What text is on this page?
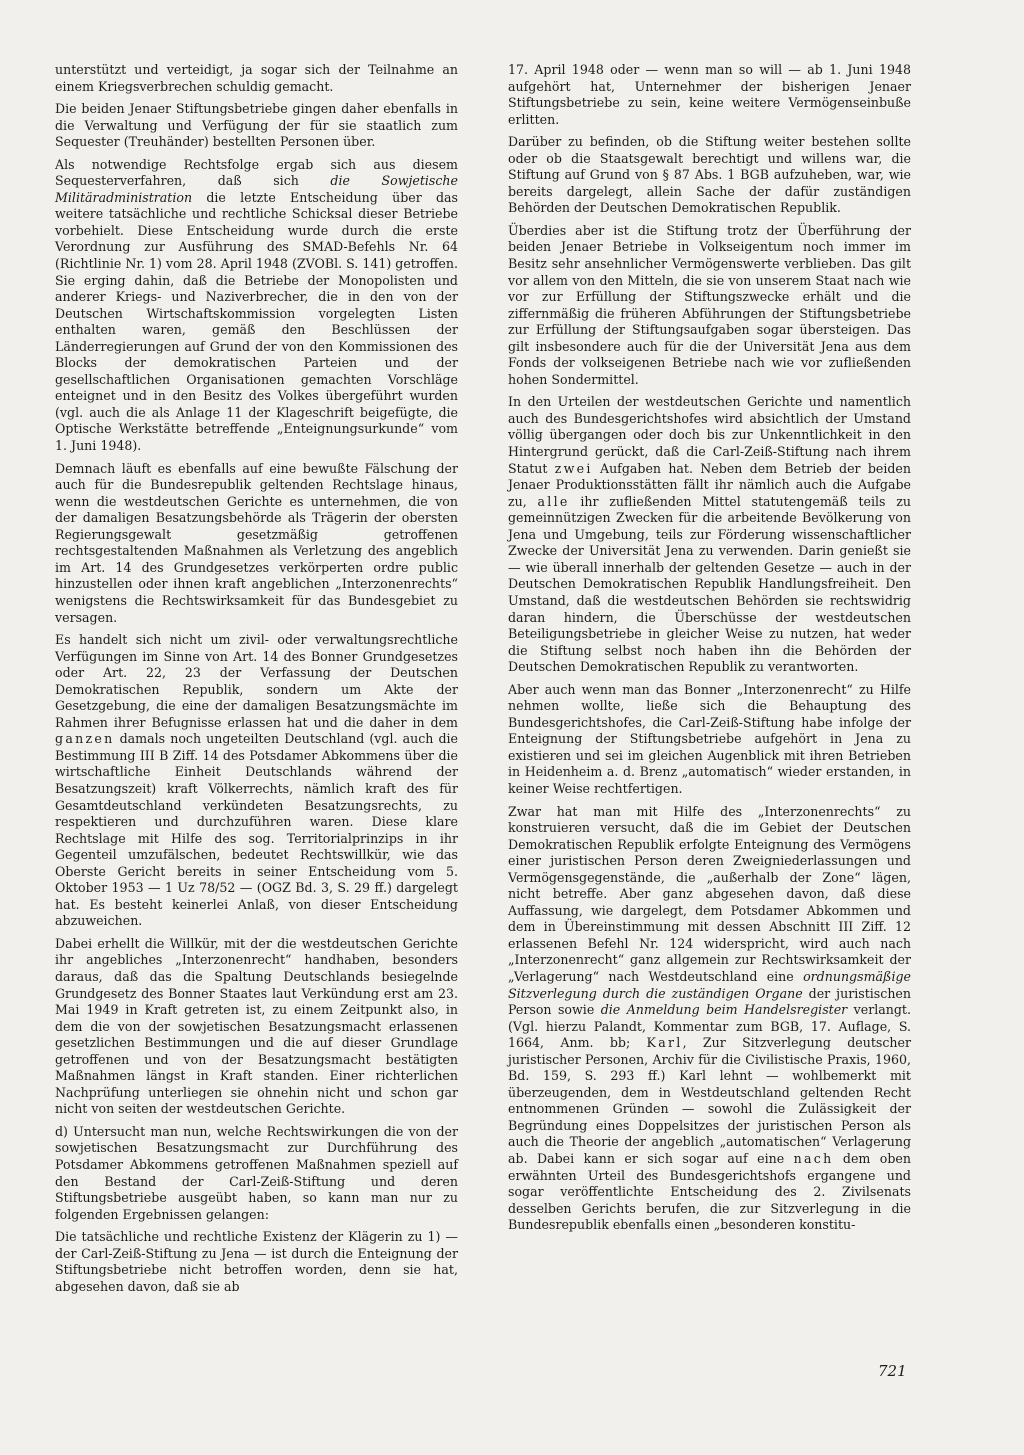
unterstützt und verteidigt, ja sogar sich der Teilnahme an einem Kriegsverbrechen schuldig gemacht.

Die beiden Jenaer Stiftungsbetriebe gingen daher ebenfalls in die Verwaltung und Verfügung der für sie staatlich zum Sequester (Treuhänder) bestellten Personen über.

Als notwendige Rechtsfolge ergab sich aus diesem Sequesterverfahren, daß sich die Sowjetische Militäradministration die letzte Entscheidung über das weitere tatsächliche und rechtliche Schicksal dieser Betriebe vorbehielt. Diese Entscheidung wurde durch die erste Verordnung zur Ausführung des SMAD-Befehls Nr. 64 (Richtlinie Nr. 1) vom 28. April 1948 (ZVOBl. S. 141) getroffen. Sie erging dahin, daß die Betriebe der Monopolisten und anderer Kriegs- und Naziverbrecher, die in den von der Deutschen Wirtschaftskommission vorgelegten Listen enthalten waren, gemäß den Beschlüssen der Länderregierungen auf Grund der von den Kommissionen des Blocks der demokratischen Parteien und der gesellschaftlichen Organisationen gemachten Vorschläge enteignet und in den Besitz des Volkes übergeführt wurden (vgl. auch die als Anlage 11 der Klageschrift beigefügte, die Optische Werkstätte betreffende „Enteignungsurkunde“ vom 1. Juni 1948).

Demnach läuft es ebenfalls auf eine bewußte Fälschung der auch für die Bundesrepublik geltenden Rechtslage hinaus, wenn die westdeutschen Gerichte es unternehmen, die von der damaligen Besatzungsbehörde als Trägerin der obersten Regierungsgewalt gesetzmäßig getroffenen rechtsgestaltenden Maßnahmen als Verletzung des angeblich im Art. 14 des Grundgesetzes verkörperten ordre public hinzustellen oder ihnen kraft angeblichen „Interzonenrechts“ wenigstens die Rechtswirksamkeit für das Bundesgebiet zu versagen.

Es handelt sich nicht um zivil- oder verwaltungsrechtliche Verfügungen im Sinne von Art. 14 des Bonner Grundgesetzes oder Art. 22, 23 der Verfassung der Deutschen Demokratischen Republik, sondern um Akte der Gesetzgebung, die eine der damaligen Besatzungsmächte im Rahmen ihrer Befugnisse erlassen hat und die daher in dem ganzen damals noch ungeteilten Deutschland (vgl. auch die Bestimmung III B Ziff. 14 des Potsdamer Abkommens über die wirtschaftliche Einheit Deutschlands während der Besatzungszeit) kraft Völkerrechts, nämlich kraft des für Gesamtdeutschland verkündeten Besatzungsrechts, zu respektieren und durchzuführen waren. Diese klare Rechtslage mit Hilfe des sog. Territorialprinzips in ihr Gegenteil umzufälschen, bedeutet Rechtswillkür, wie das Oberste Gericht bereits in seiner Entscheidung vom 5. Oktober 1953 — 1 Uz 78/52 — (OGZ Bd. 3, S. 29 ff.) dargelegt hat. Es besteht keinerlei Anlaß, von dieser Entscheidung abzuweichen.

Dabei erhellt die Willkür, mit der die westdeutschen Gerichte ihr angebliches „Interzonenrecht“ handhaben, besonders daraus, daß das die Spaltung Deutschlands besiegelnde Grundgesetz des Bonner Staates laut Verkündung erst am 23. Mai 1949 in Kraft getreten ist, zu einem Zeitpunkt also, in dem die von der sowjetischen Besatzungsmacht erlassenen gesetzlichen Bestimmungen und die auf dieser Grundlage getroffenen und von der Besatzungsmacht bestätigten Maßnahmen längst in Kraft standen. Einer richterlichen Nachprüfung unterliegen sie ohnehin nicht und schon gar nicht von seiten der westdeutschen Gerichte.

d) Untersucht man nun, welche Rechtswirkungen die von der sowjetischen Besatzungsmacht zur Durchführung des Potsdamer Abkommens getroffenen Maßnahmen speziell auf den Bestand der Carl-Zeiß-Stiftung und deren Stiftungsbetriebe ausgeübt haben, so kann man nur zu folgenden Ergebnissen gelangen:

Die tatsächliche und rechtliche Existenz der Klägerin zu 1) — der Carl-Zeiß-Stiftung zu Jena — ist durch die Enteignung der Stiftungsbetriebe nicht betroffen worden, denn sie hat, abgesehen davon, daß sie ab

17. April 1948 oder — wenn man so will — ab 1. Juni 1948 aufgehört hat, Unternehmer der bisherigen Jenaer Stiftungsbetriebe zu sein, keine weitere Vermögenseinbuße erlitten.

Darüber zu befinden, ob die Stiftung weiter bestehen sollte oder ob die Staatsgewalt berechtigt und willens war, die Stiftung auf Grund von § 87 Abs. 1 BGB aufzuheben, war, wie bereits dargelegt, allein Sache der dafür zuständigen Behörden der Deutschen Demokratischen Republik.

Überdies aber ist die Stiftung trotz der Überführung der beiden Jenaer Betriebe in Volkseigentum noch immer im Besitz sehr ansehnlicher Vermögenswerte verblieben. Das gilt vor allem von den Mitteln, die sie von unserem Staat nach wie vor zur Erfüllung der Stiftungszwecke erhält und die ziffernmäßig die früheren Abführungen der Stiftungsbetriebe zur Erfüllung der Stiftungsaufgaben sogar übersteigen. Das gilt insbesondere auch für die der Universität Jena aus dem Fonds der volkseigenen Betriebe nach wie vor zufließenden hohen Sondermittel.

In den Urteilen der westdeutschen Gerichte und namentlich auch des Bundesgerichtshofes wird absichtlich der Umstand völlig übergangen oder doch bis zur Unkenntlichkeit in den Hintergrund gerückt, daß die Carl-Zeiß-Stiftung nach ihrem Statut zwei Aufgaben hat. Neben dem Betrieb der beiden Jenaer Produktionsstätten fällt ihr nämlich auch die Aufgabe zu, alle ihr zufließenden Mittel statutengemäß teils zu gemeinnützigen Zwecken für die arbeitende Bevölkerung von Jena und Umgebung, teils zur Förderung wissenschaftlicher Zwecke der Universität Jena zu verwenden. Darin genießt sie — wie überall innerhalb der geltenden Gesetze — auch in der Deutschen Demokratischen Republik Handlungsfreiheit. Den Umstand, daß die westdeutschen Behörden sie rechtswidrig daran hindern, die Überschüsse der westdeutschen Beteiligungsbetriebe in gleicher Weise zu nutzen, hat weder die Stiftung selbst noch haben ihn die Behörden der Deutschen Demokratischen Republik zu verantworten.

Aber auch wenn man das Bonner „Interzonenrecht“ zu Hilfe nehmen wollte, ließe sich die Behauptung des Bundesgerichtshofes, die Carl-Zeiß-Stiftung habe infolge der Enteignung der Stiftungsbetriebe aufgehört in Jena zu existieren und sei im gleichen Augenblick mit ihren Betrieben in Heidenheim a. d. Brenz „automatisch“ wieder erstanden, in keiner Weise rechtfertigen.

Zwar hat man mit Hilfe des „Interzonenrechts“ zu konstruieren versucht, daß die im Gebiet der Deutschen Demokratischen Republik erfolgte Enteignung des Vermögens einer juristischen Person deren Zweigniederlassungen und Vermögensgegenstände, die „außerhalb der Zone“ lägen, nicht betreffe. Aber ganz abgesehen davon, daß diese Auffassung, wie dargelegt, dem Potsdamer Abkommen und dem in Übereinstimmung mit dessen Abschnitt III Ziff. 12 erlassenen Befehl Nr. 124 widerspricht, wird auch nach „Interzonenrecht“ ganz allgemein zur Rechtswirksamkeit der „Verlagerung“ nach Westdeutschland eine ordnungsmäßige Sitzverlegung durch die zuständigen Organe der juristischen Person sowie die Anmeldung beim Handelsregister verlangt. (Vgl. hierzu Palandt, Kommentar zum BGB, 17. Auflage, S. 1664, Anm. bb; Karl, Zur Sitzverlegung deutscher juristischer Personen, Archiv für die Civilistische Praxis, 1960, Bd. 159, S. 293 ff.) Karl lehnt — wohlbemerkt mit überzeugenden, dem in Westdeutschland geltenden Recht entnommenen Gründen — sowohl die Zulässigkeit der Begründung eines Doppelsitzes der juristischen Person als auch die Theorie der angeblich „automatischen“ Verlagerung ab. Dabei kann er sich sogar auf eine nach dem oben erwähnten Urteil des Bundesgerichtshofs ergangene und sogar veröffentlichte Entscheidung des 2. Zivilsenats desselben Gerichts berufen, die zur Sitzverlegung in die Bundesrepublik ebenfalls einen „besonderen konstitu-

721
